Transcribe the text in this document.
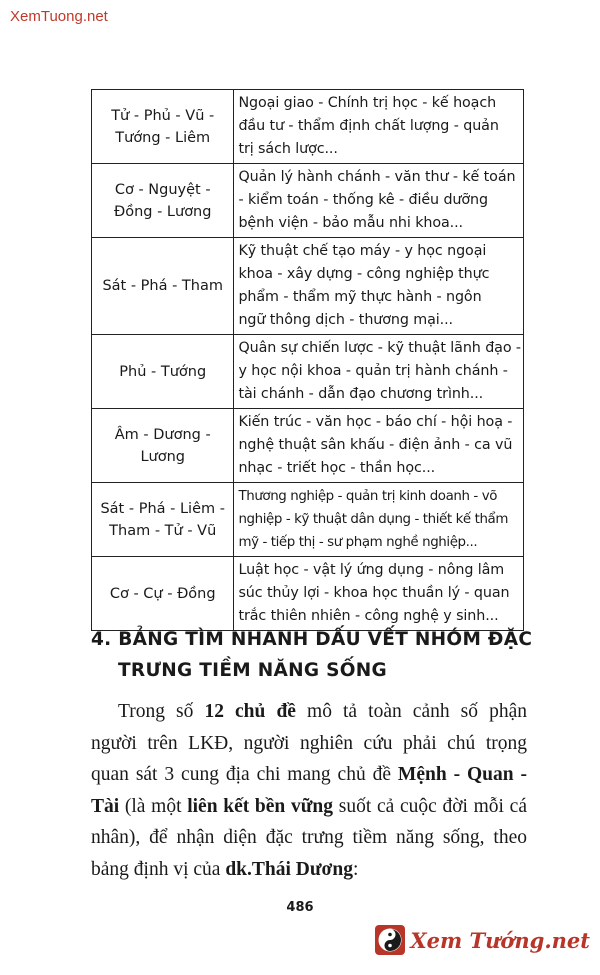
XemTuong.net
Tử - Phủ - Vũ -
Tướng - Liêm	Ngoại giao - Chính trị học - kế hoạch
đầu tư - thẩm định chất lượng - quản
trị sách lược...

Cơ - Nguyệt -
Đồng - Lương	Quản lý hành chánh - văn thư - kế toán
- kiểm toán - thống kê - điều dưỡng
bệnh viện - bảo mẫu nhi khoa...

Sát - Phá - Tham	Kỹ thuật chế tạo máy - y học ngoại
khoa - xây dựng - công nghiệp thực
phẩm - thẩm mỹ thực hành - ngôn
ngữ thông dịch - thương mại...

Phủ - Tướng	Quân sự chiến lược - kỹ thuật lãnh đạo -
y học nội khoa - quản trị hành chánh -
tài chánh - dẫn đạo chương trình...

Âm - Dương - Lương	Kiến trúc - văn học - báo chí - hội hoạ -
nghệ thuật sân khấu - điện ảnh - ca vũ
nhạc - triết học - thần học...

Sát - Phá - Liêm -
Tham - Tử - Vũ	Thương nghiệp - quản trị kinh doanh - võ
nghiệp - kỹ thuật dân dụng - thiết kế thẩm
mỹ - tiếp thị - sư phạm nghề nghiệp...

Cơ - Cự - Đồng	Luật học - vật lý ứng dụng - nông lâm
súc thủy lợi - khoa học thuần lý - quan
trắc thiên nhiên - công nghệ y sinh...
4. BẢNG TÌM NHANH DẤU VẾT NHÓM ĐẶC
TRƯNG TIỀM NĂNG SỐNG
Trong số 12 chủ đề mô tả toàn cảnh số phận
người trên LKĐ, người nghiên cứu phải chú trọng
quan sát 3 cung địa chi mang chủ đề Mệnh - Quan -
Tài (là một liên kết bền vững suốt cả cuộc đời mỗi cá
nhân), để nhận diện đặc trưng tiềm năng sống, theo
bảng định vị của dk.Thái Dương:
486
Xem Tướng.net
